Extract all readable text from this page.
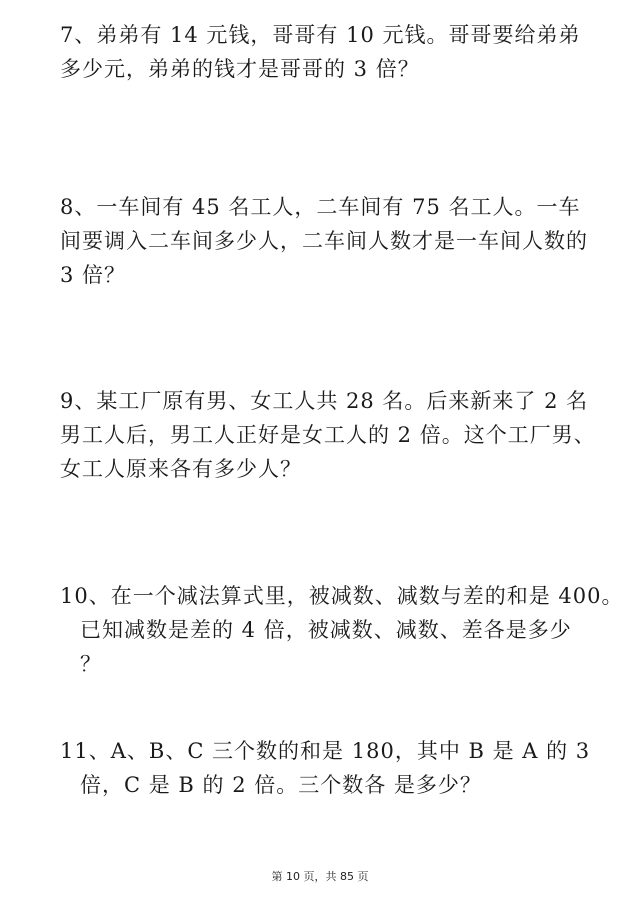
7、弟弟有 14 元钱，哥哥有 10 元钱。哥哥要给弟弟
多少元，弟弟的钱才是哥哥的 3 倍？
8、一车间有 45 名工人，二车间有 75 名工人。一车
间要调入二车间多少人，二车间人数才是一车间人数的
3 倍？
9、某工厂原有男、女工人共 28 名。后来新来了 2 名
男工人后，男工人正好是女工人的 2 倍。这个工厂男、
女工人原来各有多少人？
10、在一个减法算式里，被减数、减数与差的和是 400。
已知减数是差的 4 倍，被减数、减数、差各是多少
？
11、A、B、C 三个数的和是 180，其中 B 是 A 的 3
倍，C 是 B 的 2 倍。三个数各 是多少？
第 10 页，共 85 页
